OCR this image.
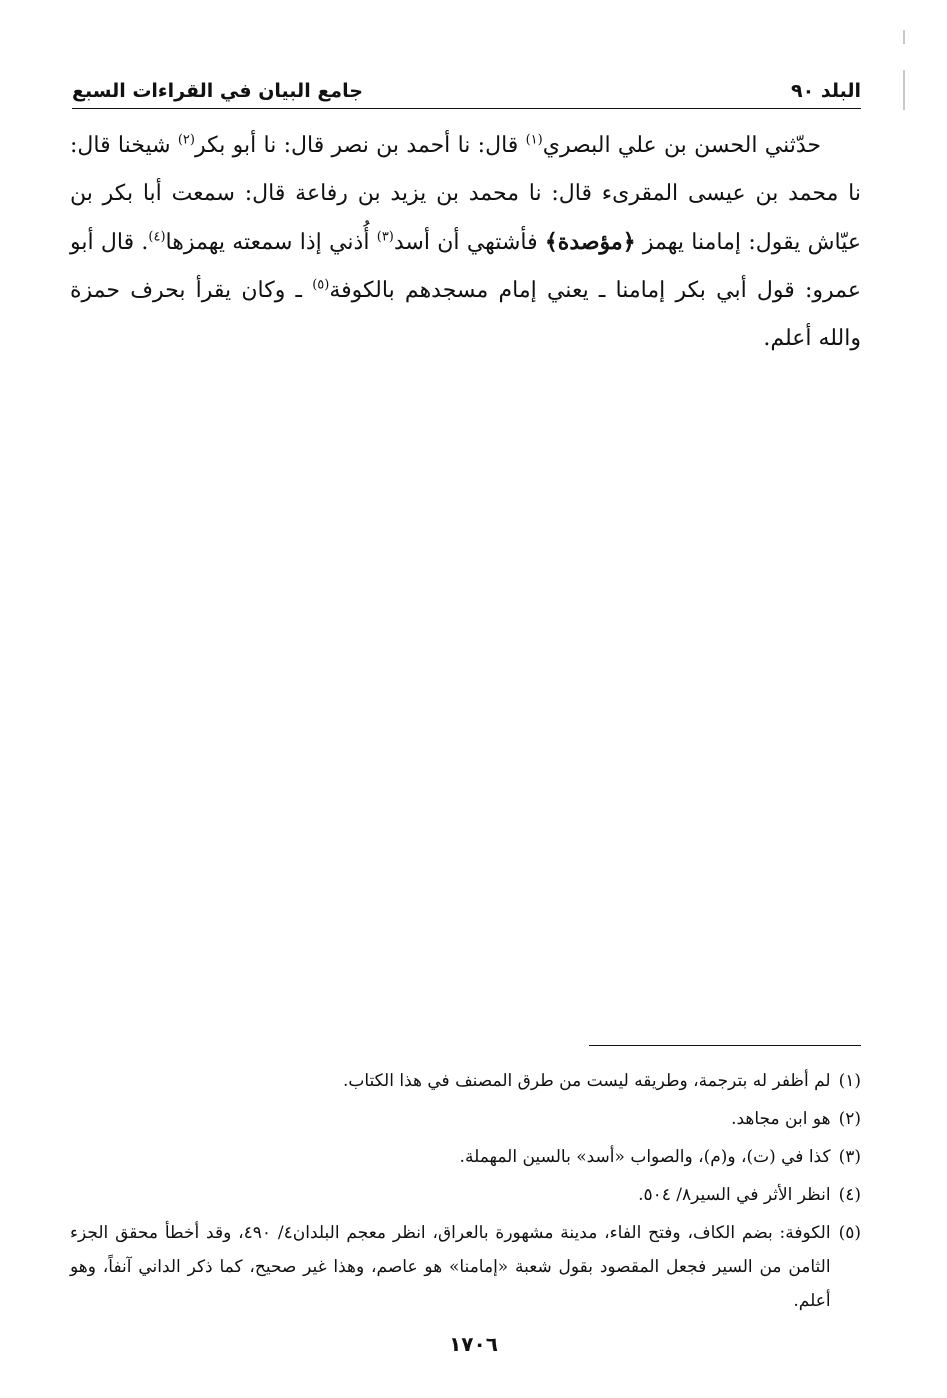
البلد ٩٠
جامع البيان في القراءات السبع

حدّثني الحسن بن علي البصري$^{(١)}$ قال: نا أحمد بن نصر قال: نا أبو بكر$^{(٢)}$ شيخنا قال: نا محمد بن عيسى المقرىء قال: نا محمد بن يزيد بن رفاعة قال: سمعت أبا بكر بن عيّاش يقول: إمامنا يهمز ﴿مؤصدة﴾ فأشتهي أن أسد$^{(٣)}$ أُذني إذا سمعته يهمزها$^{(٤)}$. قال أبو عمرو: قول أبي بكر إمامنا ـ يعني إمام مسجدهم بالكوفة$^{(٥)}$ ـ وكان يقرأ بحرف حمزة والله أعلم.

(١)
لم أظفر له بترجمة، وطريقه ليست من طرق المصنف في هذا الكتاب.
(٢)
هو ابن مجاهد.
(٣)
كذا في (ت)، و(م)، والصواب «أسد» بالسين المهملة.
(٤)
انظر الأثر في السير٨/ ٥٠٤.
(٥)
الكوفة: بضم الكاف، وفتح الفاء، مدينة مشهورة بالعراق، انظر معجم البلدان٤/ ٤٩٠، وقد أخطأ محقق الجزء الثامن من السير فجعل المقصود بقول شعبة «إمامنا» هو عاصم، وهذا غير صحيح، كما ذكر الداني آنفاً، وهو أعلم.
١٧٠٦
